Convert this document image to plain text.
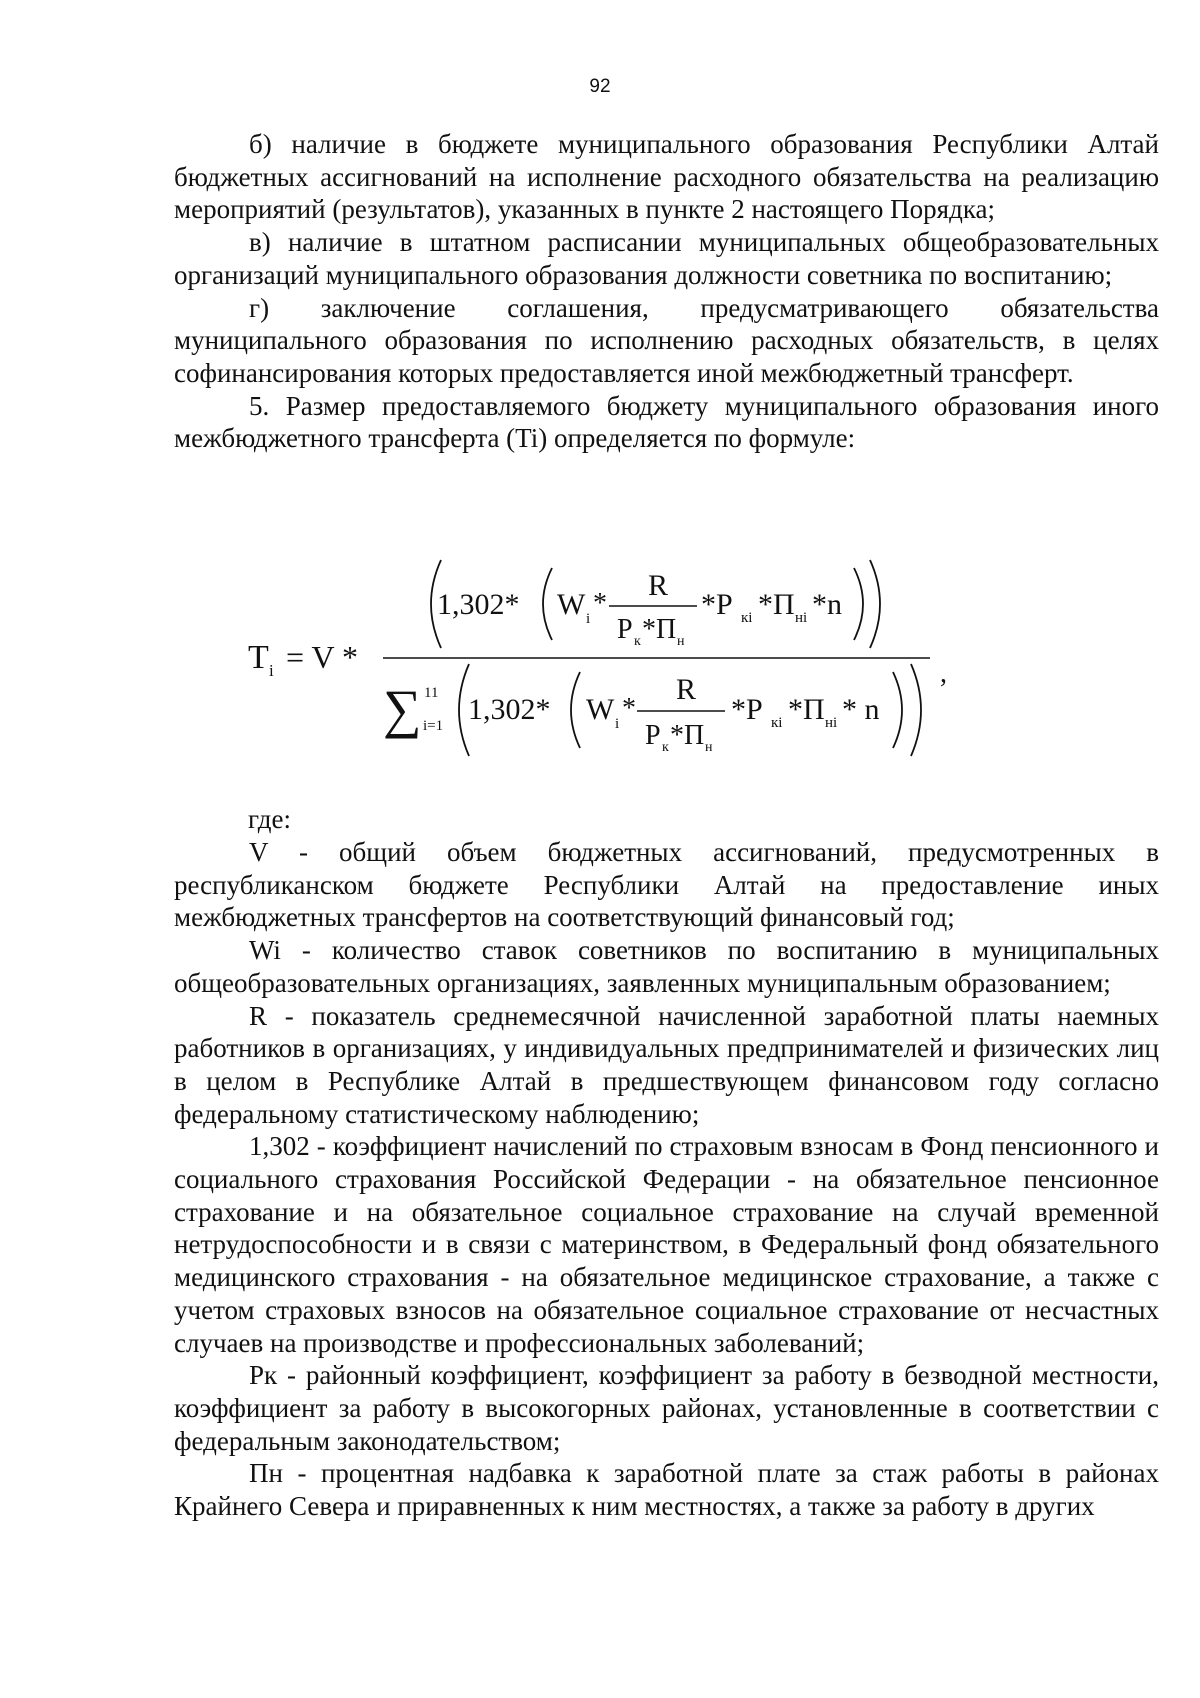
92

б) наличие в бюджете муниципального образования Республики Алтай бюджетных ассигнований на исполнение расходного обязательства на реализацию мероприятий (результатов), указанных в пункте 2 настоящего Порядка;

в) наличие в штатном расписании муниципальных общеобразовательных организаций муниципального образования должности советника по воспитанию;

г) заключение соглашения, предусматривающего обязательства муниципального образования по исполнению расходных обязательств, в целях софинансирования которых предоставляется иной межбюджетный трансферт.

5. Размер предоставляемого бюджету муниципального образования иного межбюджетного трансферта (Ti) определяется по формуле:

T i = V *
1,302* W i *
R
Р к * П н
*Р кi *П нi *n
∑ 11
i=1 1,302* W i *
R
Р к * П н
*Р кi *П нi * n
,
где:

V - общий объем бюджетных ассигнований, предусмотренных в республиканском бюджете Республики Алтай на предоставление иных межбюджетных трансфертов на соответствующий финансовый год;

Wi - количество ставок советников по воспитанию в муниципальных общеобразовательных организациях, заявленных муниципальным образованием;

R - показатель среднемесячной начисленной заработной платы наемных работников в организациях, у индивидуальных предпринимателей и физических лиц в целом в Республике Алтай в предшествующем финансовом году согласно федеральному статистическому наблюдению;

1,302 - коэффициент начислений по страховым взносам в Фонд пенсионного и социального страхования Российской Федерации - на обязательное пенсионное страхование и на обязательное социальное страхование на случай временной нетрудоспособности и в связи с материнством, в Федеральный фонд обязательного медицинского страхования - на обязательное медицинское страхование, а также с учетом страховых взносов на обязательное социальное страхование от несчастных случаев на производстве и профессиональных заболеваний;

Рк - районный коэффициент, коэффициент за работу в безводной местности, коэффициент за работу в высокогорных районах, установленные в соответствии с федеральным законодательством;

Пн - процентная надбавка к заработной плате за стаж работы в районах Крайнего Севера и приравненных к ним местностях, а также за работу в других
